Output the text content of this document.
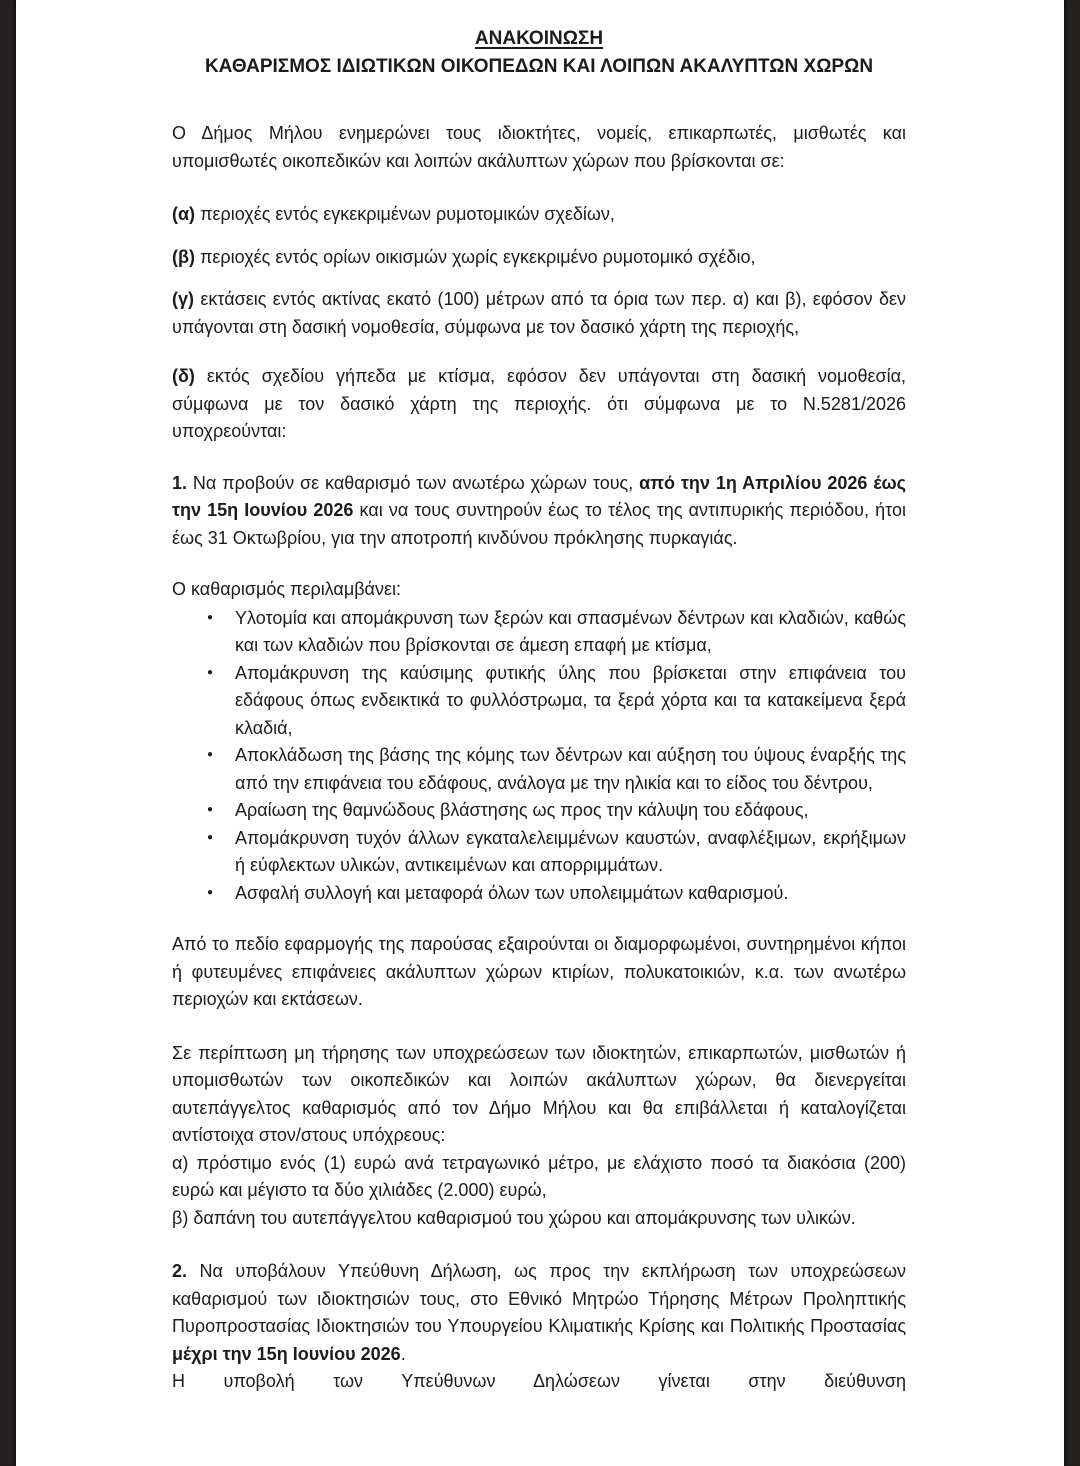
ΑΝΑΚΟΙΝΩΣΗ
ΚΑΘΑΡΙΣΜΟΣ ΙΔΙΩΤΙΚΩΝ ΟΙΚΟΠΕΔΩΝ ΚΑΙ ΛΟΙΠΩΝ ΑΚΑΛΥΠΤΩΝ ΧΩΡΩΝ

Ο Δήμος Μήλου ενημερώνει τους ιδιοκτήτες, νομείς, επικαρπωτές, μισθωτές και υπομισθωτές οικοπεδικών και λοιπών ακάλυπτων χώρων που βρίσκονται σε:

(α) περιοχές εντός εγκεκριμένων ρυμοτομικών σχεδίων,

(β) περιοχές εντός ορίων οικισμών χωρίς εγκεκριμένο ρυμοτομικό σχέδιο,

(γ) εκτάσεις εντός ακτίνας εκατό (100) μέτρων από τα όρια των περ. α) και β), εφόσον δεν υπάγονται στη δασική νομοθεσία, σύμφωνα με τον δασικό χάρτη της περιοχής,

(δ) εκτός σχεδίου γήπεδα με κτίσμα, εφόσον δεν υπάγονται στη δασική νομοθεσία, σύμφωνα με τον δασικό χάρτη της περιοχής. ότι σύμφωνα με το Ν.5281/2026 υποχρεούνται:

1. Να προβούν σε καθαρισμό των ανωτέρω χώρων τους, από την 1η Απριλίου 2026 έως την 15η Ιουνίου 2026 και να τους συντηρούν έως το τέλος της αντιπυρικής περιόδου, ήτοι έως 31 Οκτωβρίου, για την αποτροπή κινδύνου πρόκλησης πυρκαγιάς.

Ο καθαρισμός περιλαμβάνει:

● Υλοτομία και απομάκρυνση των ξερών και σπασμένων δέντρων και κλαδιών, καθώς και των κλαδιών που βρίσκονται σε άμεση επαφή με κτίσμα,
● Απομάκρυνση της καύσιμης φυτικής ύλης που βρίσκεται στην επιφάνεια του εδάφους όπως ενδεικτικά το φυλλόστρωμα, τα ξερά χόρτα και τα κατακείμενα ξερά κλαδιά,
● Αποκλάδωση της βάσης της κόμης των δέντρων και αύξηση του ύψους έναρξής της από την επιφάνεια του εδάφους, ανάλογα με την ηλικία και το είδος του δέντρου,
● Αραίωση της θαμνώδους βλάστησης ως προς την κάλυψη του εδάφους,
● Απομάκρυνση τυχόν άλλων εγκαταλελειμμένων καυστών, αναφλέξιμων, εκρήξιμων ή εύφλεκτων υλικών, αντικειμένων και απορριμμάτων.
● Ασφαλή συλλογή και μεταφορά όλων των υπολειμμάτων καθαρισμού.

Από το πεδίο εφαρμογής της παρούσας εξαιρούνται οι διαμορφωμένοι, συντηρημένοι κήποι ή φυτευμένες επιφάνειες ακάλυπτων χώρων κτιρίων, πολυκατοικιών, κ.α. των ανωτέρω περιοχών και εκτάσεων.

Σε περίπτωση μη τήρησης των υποχρεώσεων των ιδιοκτητών, επικαρπωτών, μισθωτών ή υπομισθωτών των οικοπεδικών και λοιπών ακάλυπτων χώρων, θα διενεργείται αυτεπάγγελτος καθαρισμός από τον Δήμο Μήλου και θα επιβάλλεται ή καταλογίζεται αντίστοιχα στον/στους υπόχρεους:

α) πρόστιμο ενός (1) ευρώ ανά τετραγωνικό μέτρο, με ελάχιστο ποσό τα διακόσια (200) ευρώ και μέγιστο τα δύο χιλιάδες (2.000) ευρώ,

β) δαπάνη του αυτεπάγγελτου καθαρισμού του χώρου και απομάκρυνσης των υλικών.

2. Να υποβάλουν Υπεύθυνη Δήλωση, ως προς την εκπλήρωση των υποχρεώσεων καθαρισμού των ιδιοκτησιών τους, στο Εθνικό Μητρώο Τήρησης Μέτρων Προληπτικής Πυροπροστασίας Ιδιοκτησιών του Υπουργείου Κλιματικής Κρίσης και Πολιτικής Προστασίας μέχρι την 15η Ιουνίου 2026.

Η υποβολή των Υπεύθυνων Δηλώσεων γίνεται στην διεύθυνση
